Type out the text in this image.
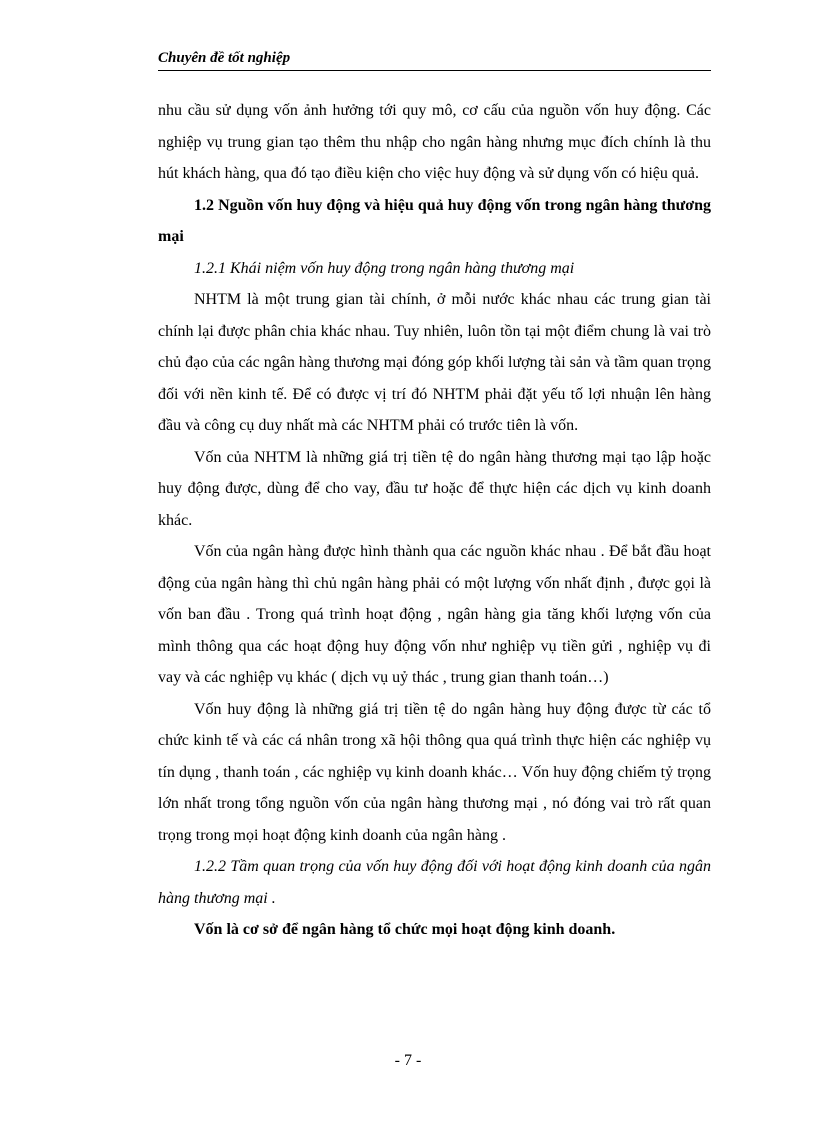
Chuyên đề tốt nghiệp

nhu cầu sử dụng vốn ảnh hưởng tới quy mô, cơ cấu của nguồn vốn huy động. Các nghiệp vụ trung gian tạo thêm thu nhập cho ngân hàng nhưng mục đích chính là thu hút khách hàng, qua đó tạo điều kiện cho việc huy động và sử dụng vốn có hiệu quả.

1.2 Nguồn vốn huy động và hiệu quả huy động vốn trong ngân hàng thương mại

1.2.1 Khái niệm vốn huy động trong ngân hàng thương mại

NHTM là một trung gian tài chính, ở mỗi nước khác nhau các trung gian tài chính lại được phân chia khác nhau. Tuy nhiên, luôn tồn tại một điểm chung là vai trò chủ đạo của các ngân hàng thương mại đóng góp khối lượng tài sản và tầm quan trọng đối với nền kinh tế. Để có được vị trí đó NHTM phải đặt yếu tố lợi nhuận lên hàng đầu và công cụ duy nhất mà các NHTM phải có trước tiên là vốn.

Vốn của NHTM là những giá trị tiền tệ do ngân hàng thương mại tạo lập hoặc huy động được, dùng để cho vay, đầu tư hoặc để thực hiện các dịch vụ kinh doanh khác.

Vốn của ngân hàng được hình thành qua các nguồn khác nhau . Để bắt đầu hoạt động của ngân hàng thì chủ ngân hàng phải có một lượng vốn nhất định , được gọi là vốn ban đầu . Trong quá trình hoạt động , ngân hàng gia tăng khối lượng vốn của mình thông qua các hoạt động huy động vốn như nghiệp vụ tiền gửi , nghiệp vụ đi vay và các nghiệp vụ khác ( dịch vụ uỷ thác , trung gian thanh toán…)

Vốn huy động là những giá trị tiền tệ do ngân hàng huy động được từ các tổ chức kinh tế và các cá nhân trong xã hội thông qua quá trình thực hiện các nghiệp vụ tín dụng , thanh toán , các nghiệp vụ kinh doanh khác… Vốn huy động chiếm tỷ trọng lớn nhất trong tổng nguồn vốn của ngân hàng thương mại , nó đóng vai trò rất quan trọng trong mọi hoạt động kinh doanh của ngân hàng .

1.2.2 Tầm quan trọng của vốn huy động đối với hoạt động kinh doanh của ngân hàng thương mại .

Vốn là cơ sở để ngân hàng tổ chức mọi hoạt động kinh doanh.

- 7 -
